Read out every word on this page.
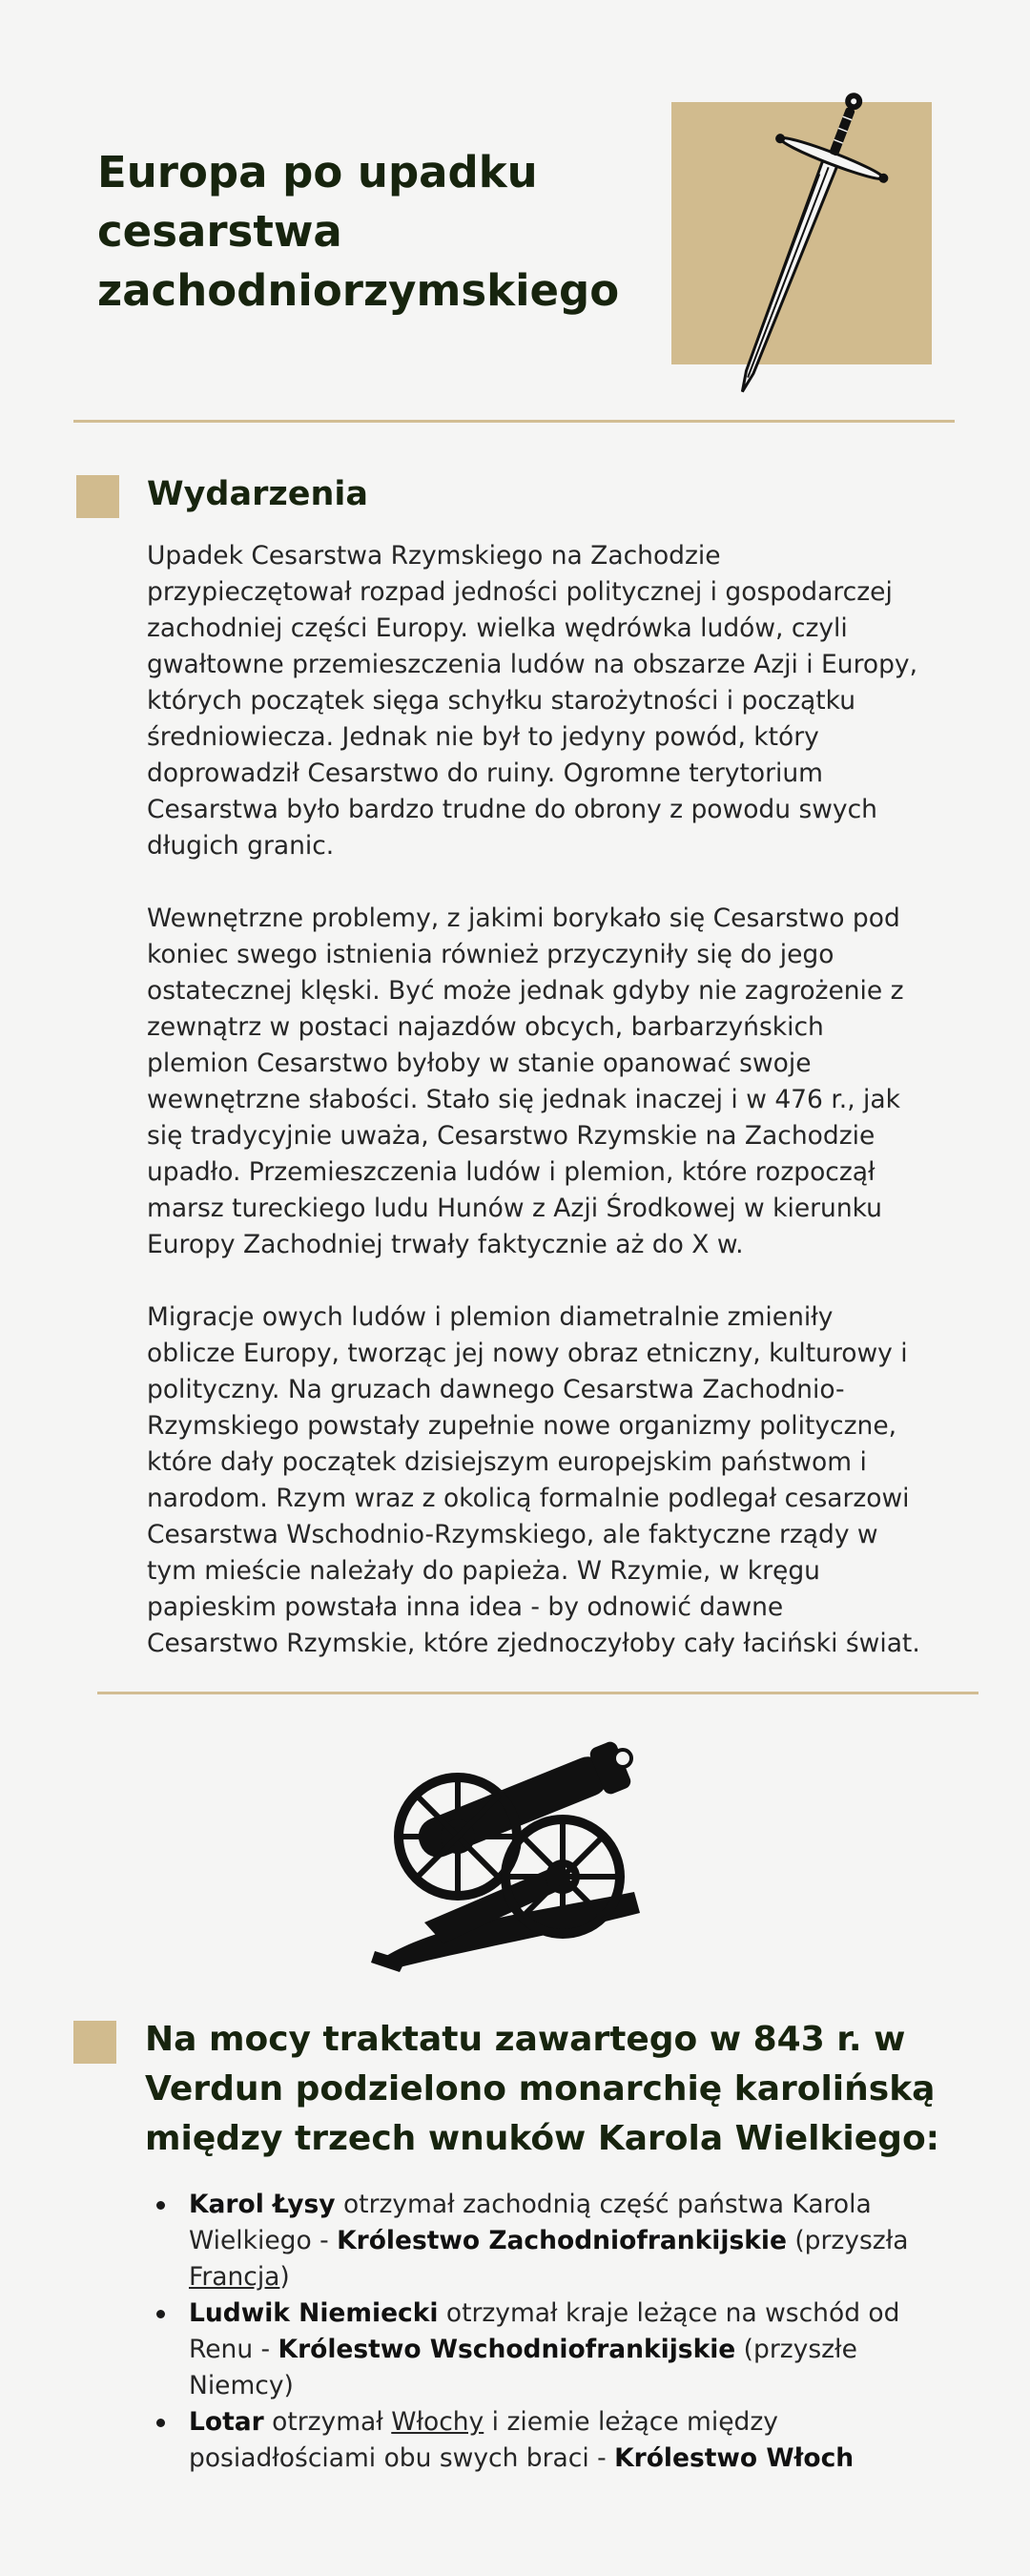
Europa po upadku
cesarstwa
zachodniorzymskiego
Wydarzenia

Upadek Cesarstwa Rzymskiego na Zachodzie
przypieczętował rozpad jedności politycznej i gospodarczej
zachodniej części Europy. wielka wędrówka ludów, czyli
gwałtowne przemieszczenia ludów na obszarze Azji i Europy,
których początek sięga schyłku starożytności i początku
średniowiecza. Jednak nie był to jedyny powód, który
doprowadził Cesarstwo do ruiny. Ogromne terytorium
Cesarstwa było bardzo trudne do obrony z powodu swych
długich granic.

Wewnętrzne problemy, z jakimi borykało się Cesarstwo pod
koniec swego istnienia również przyczyniły się do jego
ostatecznej klęski. Być może jednak gdyby nie zagrożenie z
zewnątrz w postaci najazdów obcych, barbarzyńskich
plemion Cesarstwo byłoby w stanie opanować swoje
wewnętrzne słabości. Stało się jednak inaczej i w 476 r., jak
się tradycyjnie uważa, Cesarstwo Rzymskie na Zachodzie
upadło. Przemieszczenia ludów i plemion, które rozpoczął
marsz tureckiego ludu Hunów z Azji Środkowej w kierunku
Europy Zachodniej trwały faktycznie aż do X w.

Migracje owych ludów i plemion diametralnie zmieniły
oblicze Europy, tworząc jej nowy obraz etniczny, kulturowy i
polityczny. Na gruzach dawnego Cesarstwa Zachodnio-
Rzymskiego powstały zupełnie nowe organizmy polityczne,
które dały początek dzisiejszym europejskim państwom i
narodom. Rzym wraz z okolicą formalnie podlegał cesarzowi
Cesarstwa Wschodnio-Rzymskiego, ale faktyczne rządy w
tym mieście należały do papieża. W Rzymie, w kręgu
papieskim powstała inna idea - by odnowić dawne
Cesarstwo Rzymskie, które zjednoczyłoby cały łaciński świat.

Na mocy traktatu zawartego w 843 r. w
Verdun podzielono monarchię karolińską
między trzech wnuków Karola Wielkiego:
Karol Łysy otrzymał zachodnią część państwa Karola
Wielkiego - Królestwo Zachodniofrankijskie (przyszła
Francja)
Ludwik Niemiecki otrzymał kraje leżące na wschód od
Renu - Królestwo Wschodniofrankijskie (przyszłe
Niemcy)
Lotar otrzymał Włochy i ziemie leżące między
posiadłościami obu swych braci - Królestwo Włoch
